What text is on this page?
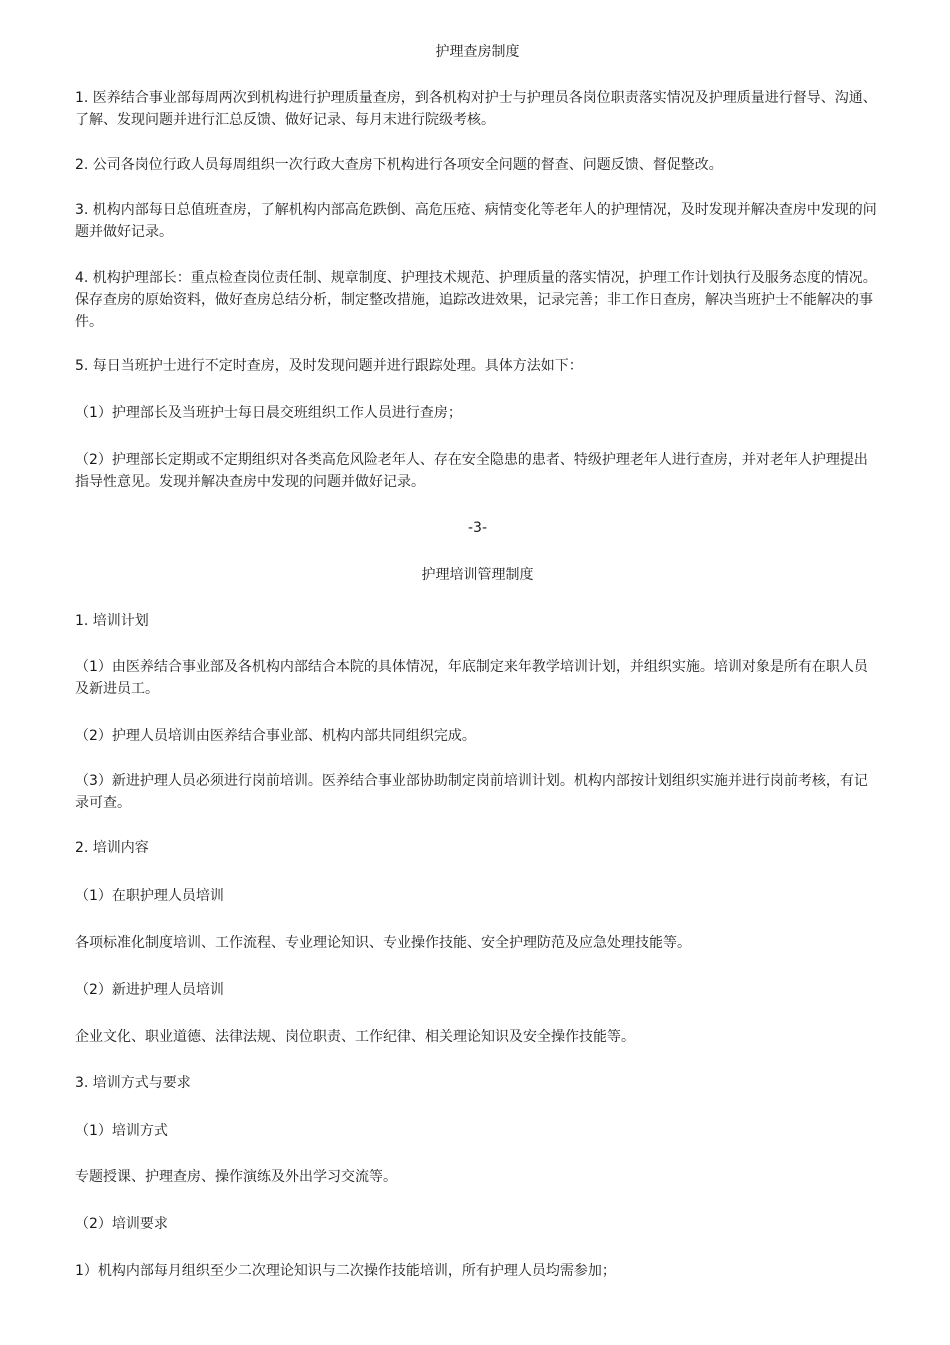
护理查房制度

1. 医养结合事业部每周两次到机构进行护理质量查房，到各机构对护士与护理员各岗位职责落实情况及护理质量进行督导、沟通、了解、发现问题并进行汇总反馈、做好记录、每月末进行院级考核。

2. 公司各岗位行政人员每周组织一次行政大查房下机构进行各项安全问题的督查、问题反馈、督促整改。

3. 机构内部每日总值班查房，了解机构内部高危跌倒、高危压疮、病情变化等老年人的护理情况，及时发现并解决查房中发现的问题并做好记录。

4. 机构护理部长：重点检查岗位责任制、规章制度、护理技术规范、护理质量的落实情况，护理工作计划执行及服务态度的情况。保存查房的原始资料，做好查房总结分析，制定整改措施，追踪改进效果，记录完善；非工作日查房，解决当班护士不能解决的事件。

5. 每日当班护士进行不定时查房，及时发现问题并进行跟踪处理。具体方法如下：

（1）护理部长及当班护士每日晨交班组织工作人员进行查房；

（2）护理部长定期或不定期组织对各类高危风险老年人、存在安全隐患的患者、特级护理老年人进行查房，并对老年人护理提出指导性意见。发现并解决查房中发现的问题并做好记录。

-3-

护理培训管理制度

1. 培训计划

（1）由医养结合事业部及各机构内部结合本院的具体情况，年底制定来年教学培训计划，并组织实施。培训对象是所有在职人员及新进员工。

（2）护理人员培训由医养结合事业部、机构内部共同组织完成。

（3）新进护理人员必须进行岗前培训。医养结合事业部协助制定岗前培训计划。机构内部按计划组织实施并进行岗前考核，有记录可查。

2. 培训内容

（1）在职护理人员培训

各项标准化制度培训、工作流程、专业理论知识、专业操作技能、安全护理防范及应急处理技能等。

（2）新进护理人员培训

企业文化、职业道德、法律法规、岗位职责、工作纪律、相关理论知识及安全操作技能等。

3. 培训方式与要求

（1）培训方式

专题授课、护理查房、操作演练及外出学习交流等。

（2）培训要求

1）机构内部每月组织至少二次理论知识与二次操作技能培训，所有护理人员均需参加；
